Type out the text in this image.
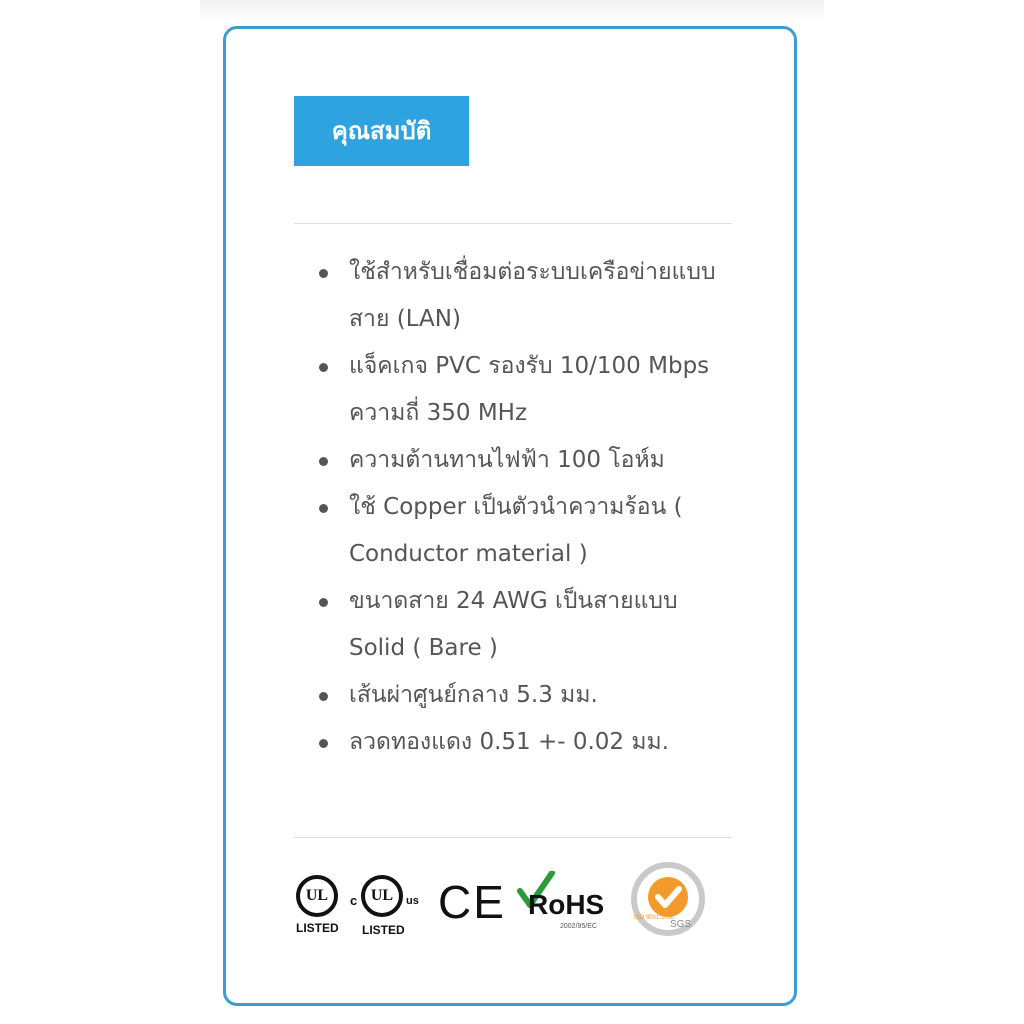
คุณสมบัติ
ใช้สำหรับเชื่อมต่อระบบเครือข่ายแบบสาย (LAN)
แจ็คเกจ PVC รองรับ 10/100 Mbps ความถี่ 350 MHz
ความต้านทานไฟฟ้า 100 โอห์ม
ใช้ Copper เป็นตัวนำความร้อน ( Conductor material )
ขนาดสาย 24 AWG เป็นสายแบบ Solid ( Bare )
เส้นผ่าศูนย์กลาง 5.3 มม.
ลวดทองแดง 0.51 +- 0.02 มม.
UL
LISTED
c UL	us
LISTED
CE RoHS
2002/95/EC	SGS
ISO 9001:2000
